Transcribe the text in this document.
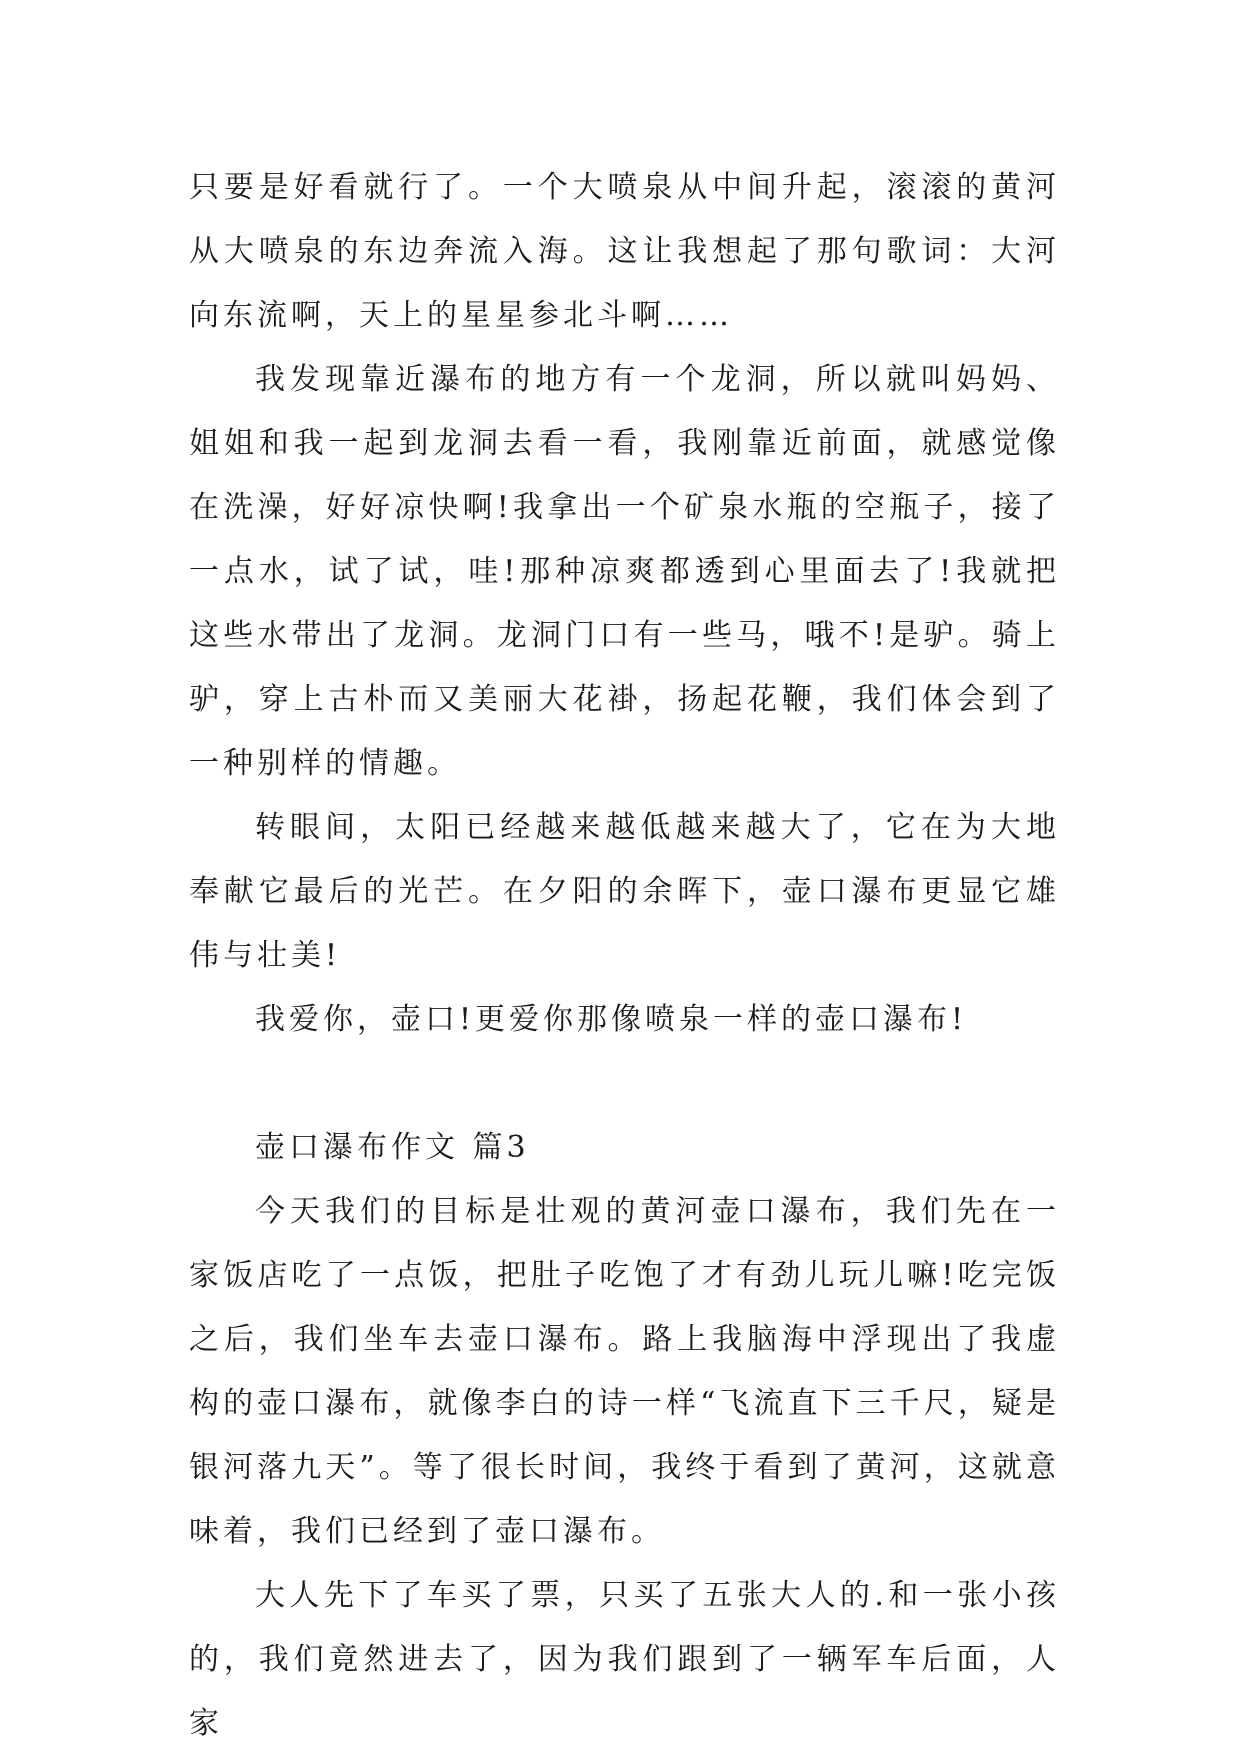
只要是好看就行了。一个大喷泉从中间升起，滚滚的黄河从大喷泉的东边奔流入海。这让我想起了那句歌词：大河向东流啊，天上的星星参北斗啊……

我发现靠近瀑布的地方有一个龙洞，所以就叫妈妈、姐姐和我一起到龙洞去看一看，我刚靠近前面，就感觉像在洗澡，好好凉快啊!我拿出一个矿泉水瓶的空瓶子，接了一点水，试了试，哇!那种凉爽都透到心里面去了!我就把这些水带出了龙洞。龙洞门口有一些马，哦不!是驴。骑上驴，穿上古朴而又美丽大花褂，扬起花鞭，我们体会到了一种别样的情趣。

转眼间，太阳已经越来越低越来越大了，它在为大地奉献它最后的光芒。在夕阳的余晖下，壶口瀑布更显它雄伟与壮美!

我爱你，壶口!更爱你那像喷泉一样的壶口瀑布!

壶口瀑布作文 篇3

今天我们的目标是壮观的黄河壶口瀑布，我们先在一家饭店吃了一点饭，把肚子吃饱了才有劲儿玩儿嘛!吃完饭之后，我们坐车去壶口瀑布。路上我脑海中浮现出了我虚构的壶口瀑布，就像李白的诗一样“飞流直下三千尺，疑是银河落九天”。等了很长时间，我终于看到了黄河，这就意味着，我们已经到了壶口瀑布。

大人先下了车买了票，只买了五张大人的.和一张小孩的，我们竟然进去了，因为我们跟到了一辆军车后面，人家
